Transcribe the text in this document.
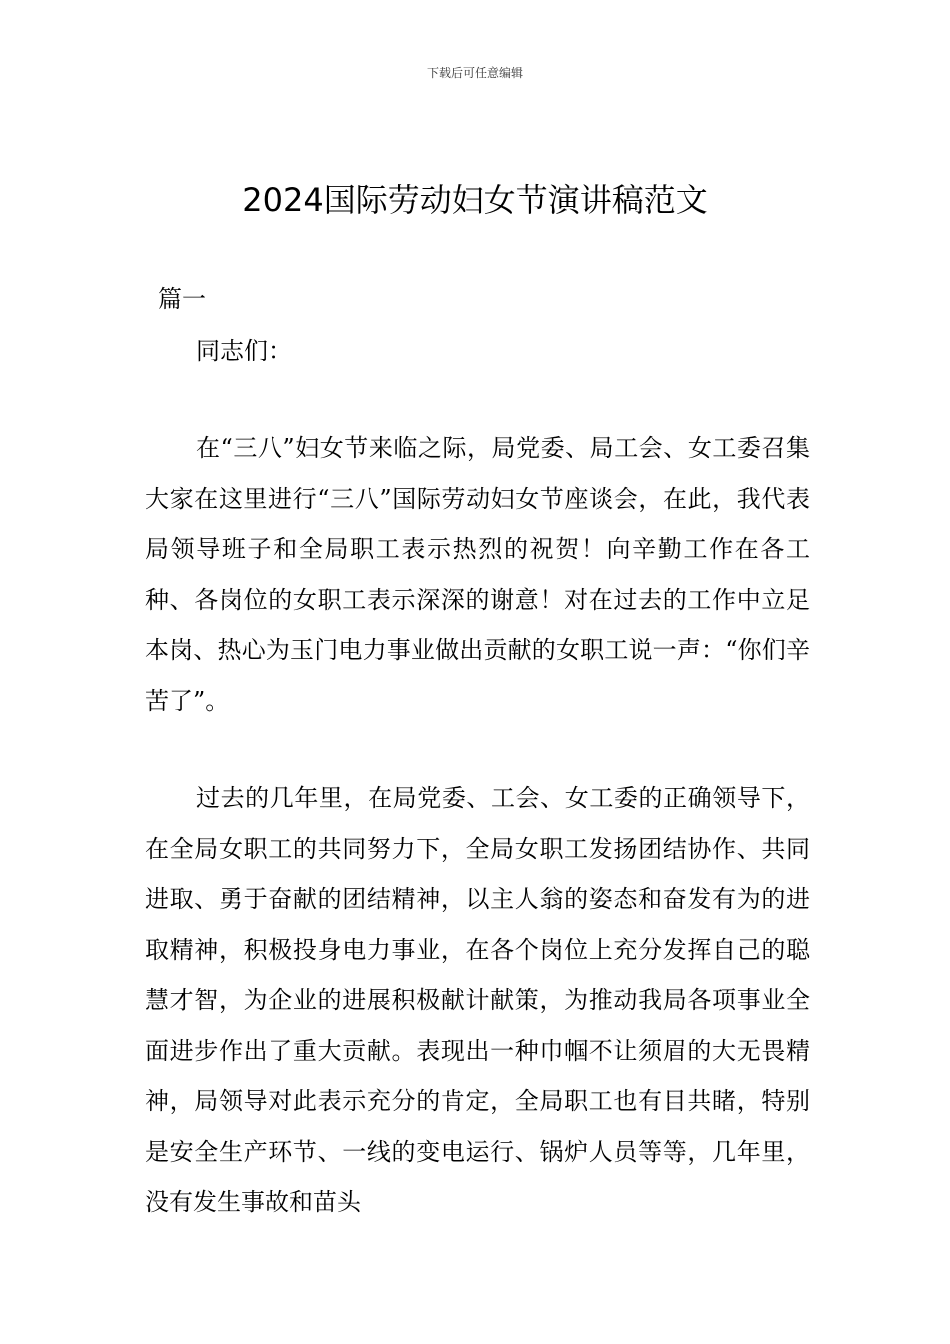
下载后可任意编辑
2024国际劳动妇女节演讲稿范文
篇一
同志们：

在“三八”妇女节来临之际，局党委、局工会、女工委召集大家在这里进行“三八”国际劳动妇女节座谈会，在此，我代表局领导班子和全局职工表示热烈的祝贺！向辛勤工作在各工种、各岗位的女职工表示深深的谢意！对在过去的工作中立足本岗、热心为玉门电力事业做出贡献的女职工说一声：“你们辛苦了”。

过去的几年里，在局党委、工会、女工委的正确领导下，在全局女职工的共同努力下，全局女职工发扬团结协作、共同进取、勇于奋献的团结精神，以主人翁的姿态和奋发有为的进取精神，积极投身电力事业，在各个岗位上充分发挥自己的聪慧才智，为企业的进展积极献计献策，为推动我局各项事业全面进步作出了重大贡献。表现出一种巾帼不让须眉的大无畏精神，局领导对此表示充分的肯定，全局职工也有目共睹，特别是安全生产环节、一线的变电运行、锅炉人员等等，几年里，没有发生事故和苗头
